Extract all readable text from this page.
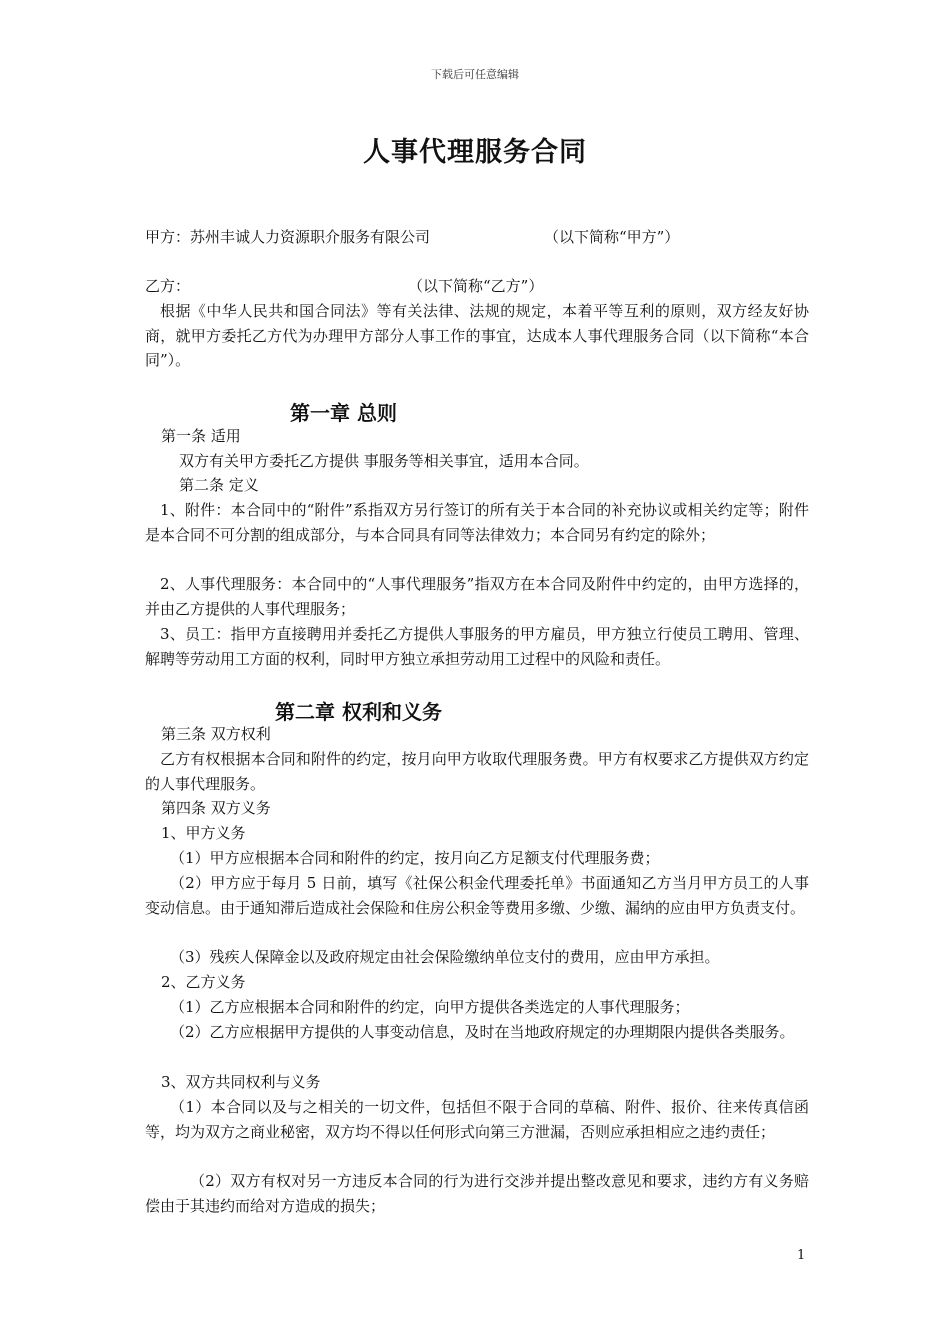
下载后可任意编辑
人事代理服务合同
甲方：苏州丰诚人力资源职介服务有限公司	（以下简称“甲方”）
乙方：	（以下简称“乙方”）
根据《中华人民共和国合同法》等有关法律、法规的规定，本着平等互利的原则，双方经友好协商，就甲方委托乙方代为办理甲方部分人事工作的事宜，达成本人事代理服务合同（以下简称“本合同”）。
第一章 总则
第一条 适用
双方有关甲方委托乙方提供 事服务等相关事宜，适用本合同。
第二条 定义
1、附件：本合同中的“附件”系指双方另行签订的所有关于本合同的补充协议或相关约定等；附件是本合同不可分割的组成部分，与本合同具有同等法律效力；本合同另有约定的除外；
2、人事代理服务：本合同中的“人事代理服务”指双方在本合同及附件中约定的，由甲方选择的，并由乙方提供的人事代理服务；
3、员工：指甲方直接聘用并委托乙方提供人事服务的甲方雇员，甲方独立行使员工聘用、管理、解聘等劳动用工方面的权利，同时甲方独立承担劳动用工过程中的风险和责任。
第二章 权利和义务
第三条 双方权利
乙方有权根据本合同和附件的约定，按月向甲方收取代理服务费。甲方有权要求乙方提供双方约定的人事代理服务。
第四条 双方义务
1、甲方义务
（1）甲方应根据本合同和附件的约定，按月向乙方足额支付代理服务费；
（2）甲方应于每月 5 日前，填写《社保公积金代理委托单》书面通知乙方当月甲方员工的人事变动信息。由于通知滞后造成社会保险和住房公积金等费用多缴、少缴、漏纳的应由甲方负责支付。
（3）残疾人保障金以及政府规定由社会保险缴纳单位支付的费用，应由甲方承担。
2、乙方义务
（1）乙方应根据本合同和附件的约定，向甲方提供各类选定的人事代理服务；
（2）乙方应根据甲方提供的人事变动信息，及时在当地政府规定的办理期限内提供各类服务。
3、双方共同权利与义务
（1）本合同以及与之相关的一切文件，包括但不限于合同的草稿、附件、报价、往来传真信函等，均为双方之商业秘密，双方均不得以任何形式向第三方泄漏，否则应承担相应之违约责任；
（2）双方有权对另一方违反本合同的行为进行交涉并提出整改意见和要求，违约方有义务赔偿由于其违约而给对方造成的损失；
1
